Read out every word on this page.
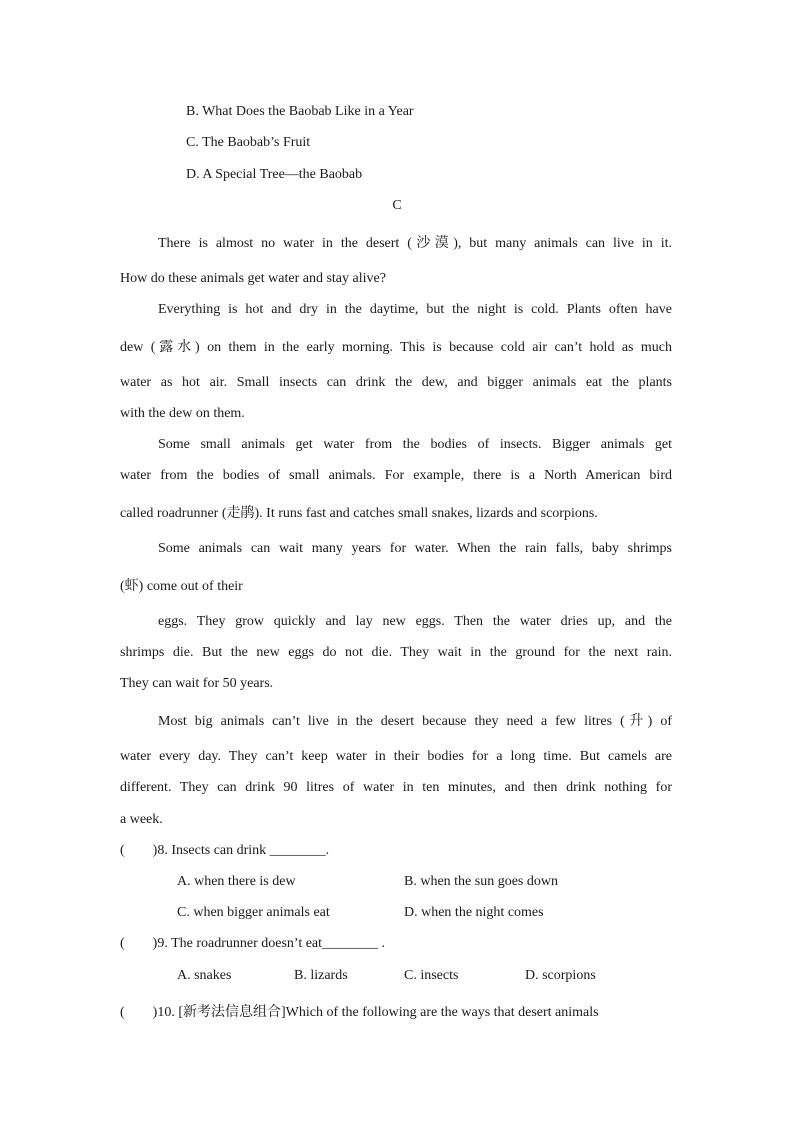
B. What Does the Baobab Like in a Year
C. The Baobab’s Fruit
D. A Special Tree—the Baobab
C
There is almost no water in the desert (沙漠), but many animals can live in it.
How do these animals get water and stay alive?
Everything is hot and dry in the daytime, but the night is cold. Plants often have
dew (露水) on them in the early morning. This is because cold air can’t hold as much
water as hot air. Small insects can drink the dew, and bigger animals eat the plants
with the dew on them.
Some small animals get water from the bodies of insects. Bigger animals get
water from the bodies of small animals. For example, there is a North American bird
called roadrunner (走鹃). It runs fast and catches small snakes, lizards and scorpions.
Some animals can wait many years for water. When the rain falls, baby shrimps
(虾) come out of their
eggs. They grow quickly and lay new eggs. Then the water dries up, and the
shrimps die. But the new eggs do not die. They wait in the ground for the next rain.
They can wait for 50 years.
Most big animals can’t live in the desert because they need a few litres (升) of
water every day. They can’t keep water in their bodies for a long time. But camels are
different. They can drink 90 litres of water in ten minutes, and then drink nothing for
a week.
(        )8. Insects can drink ________.
A. when there is dew	B. when the sun goes down
C. when bigger animals eat	D. when the night comes
(        )9. The roadrunner doesn’t eat________ .
A. snakes	B. lizards	C. insects	D. scorpions
(        )10. [新考法信息组合]Which of the following are the ways that desert animals
